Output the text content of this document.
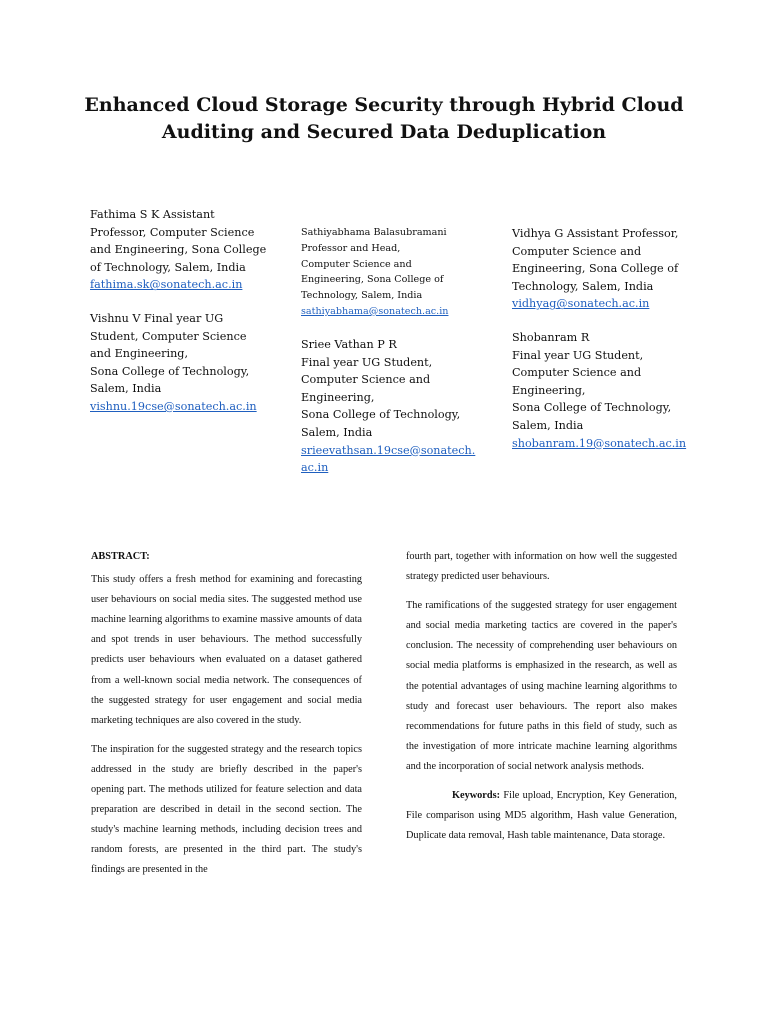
Enhanced Cloud Storage Security through Hybrid Cloud
Auditing and Secured Data Deduplication
Fathima S K Assistant
Professor, Computer Science
and Engineering, Sona College
of Technology, Salem, India
fathima.sk@sonatech.ac.in
Vishnu V Final year UG
Student, Computer Science
and Engineering,
Sona College of Technology,
Salem, India
vishnu.19cse@sonatech.ac.in
Sathiyabhama Balasubramani
Professor and Head,
Computer Science and
Engineering, Sona College of
Technology, Salem, India
sathiyabhama@sonatech.ac.in
Sriee Vathan P R
Final year UG Student,
Computer Science and
Engineering,
Sona College of Technology,
Salem, India
srieevathsan.19cse@sonatech.
ac.in
Vidhya G Assistant Professor,
Computer Science and
Engineering, Sona College of
Technology, Salem, India
vidhyag@sonatech.ac.in
Shobanram R
Final year UG Student,
Computer Science and
Engineering,
Sona College of Technology,
Salem, India
shobanram.19@sonatech.ac.in

ABSTRACT:

This study offers a fresh method for examining and forecasting user behaviours on social media sites. The suggested method use machine learning algorithms to examine massive amounts of data and spot trends in user behaviours. The method successfully predicts user behaviours when evaluated on a dataset gathered from a well-known social media network. The consequences of the suggested strategy for user engagement and social media marketing techniques are also covered in the study.

The inspiration for the suggested strategy and the research topics addressed in the study are briefly described in the paper's opening part. The methods utilized for feature selection and data preparation are described in detail in the second section. The study's machine learning methods, including decision trees and random forests, are presented in the third part. The study's findings are presented in the

fourth part, together with information on how well the suggested strategy predicted user behaviours.

The ramifications of the suggested strategy for user engagement and social media marketing tactics are covered in the paper's conclusion. The necessity of comprehending user behaviours on social media platforms is emphasized in the research, as well as the potential advantages of using machine learning algorithms to study and forecast user behaviours. The report also makes recommendations for future paths in this field of study, such as the investigation of more intricate machine learning algorithms and the incorporation of social network analysis methods.

Keywords: File upload, Encryption, Key Generation, File comparison using MD5 algorithm, Hash value Generation, Duplicate data removal, Hash table maintenance, Data storage.
